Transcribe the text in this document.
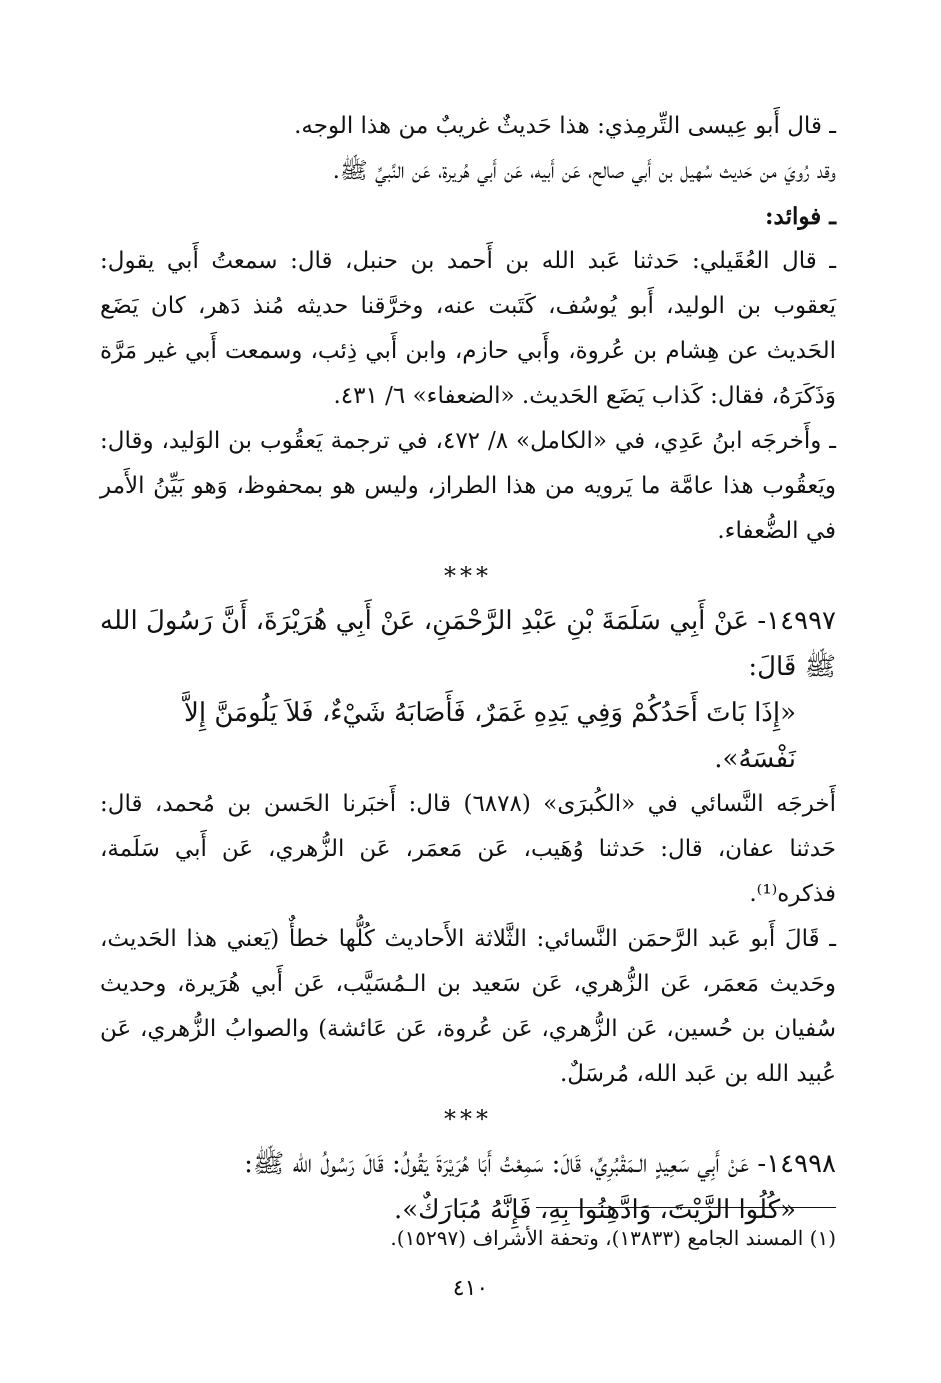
ـ قال أَبو عِيسى التِّرمِذي: هذا حَديثٌ غريبٌ من هذا الوجه.

وقد رُويَ من حَديث سُهيل بن أَبي صالح، عَن أَبيه، عَن أَبي هُريرة، عَن النَّبيِّ ﷺ.

ـ فوائد:

ـ قال العُقَيلي: حَدثنا عَبد الله بن أَحمد بن حنبل، قال: سمعتُ أَبي يقول: يَعقوب بن الوليد، أَبو يُوسُف، كَتَبت عنه، وخرَّقنا حديثه مُنذ دَهر، كان يَضَع الحَديث عن هِشام بن عُروة، وأَبي حازم، وابن أَبي ذِئب، وسمعت أَبي غير مَرَّة وَذَكَرَهُ، فقال: كَذاب يَضَع الحَديث. «الضعفاء» ٦/ ٤٣١.

ـ وأَخرجَه ابنُ عَدِي، في «الكامل» ٨/ ٤٧٢، في ترجمة يَعقُوب بن الوَليد، وقال: ويَعقُوب هذا عامَّة ما يَرويه من هذا الطراز، وليس هو بمحفوظ، وَهو بَيِّنُ الأَمر في الضُّعفاء.

***

١٤٩٩٧- عَنْ أَبِي سَلَمَةَ بْنِ عَبْدِ الرَّحْمَنِ، عَنْ أَبِي هُرَيْرَةَ، أَنَّ رَسُولَ الله ﷺ قَالَ:

«إِذَا بَاتَ أَحَدُكُمْ وَفِي يَدِهِ غَمَرٌ، فَأَصَابَهُ شَيْءٌ، فَلاَ يَلُومَنَّ إِلاَّ نَفْسَهُ».

أَخرجَه النَّسائي في «الكُبرَى» (٦٨٧٨) قال: أَخبَرنا الحَسن بن مُحمد، قال: حَدثنا عفان، قال: حَدثنا وُهَيب، عَن مَعمَر، عَن الزُّهري، عَن أَبي سَلَمة، فذكره⁽¹⁾.

ـ قَالَ أَبو عَبد الرَّحمَن النَّسائي: الثَّلاثة الأَحاديث كُلُّها خطأٌ (يَعني هذا الحَديث، وحَديث مَعمَر، عَن الزُّهري، عَن سَعيد بن الـمُسَيَّب، عَن أَبي هُرَيرة، وحديث سُفيان بن حُسين، عَن الزُّهري، عَن عُروة، عَن عَائشة) والصوابُ الزُّهري، عَن عُبيد الله بن عَبد الله، مُرسَلٌ.

***

١٤٩٩٨- عَنْ أَبِي سَعِيدٍ الـمَقْبُرِيِّ، قَالَ: سَمِعْتُ أَبَا هُرَيْرَةَ يَقُولُ: قَالَ رَسُولُ الله ﷺ:

«كُلُوا الزَّيْتَ، وَادَّهِنُوا بِهِ، فَإِنَّهُ مُبَارَكٌ».

(١) المسند الجامع (١٣٨٣٣)، وتحفة الأشراف (١٥٢٩٧).

٤١٠
